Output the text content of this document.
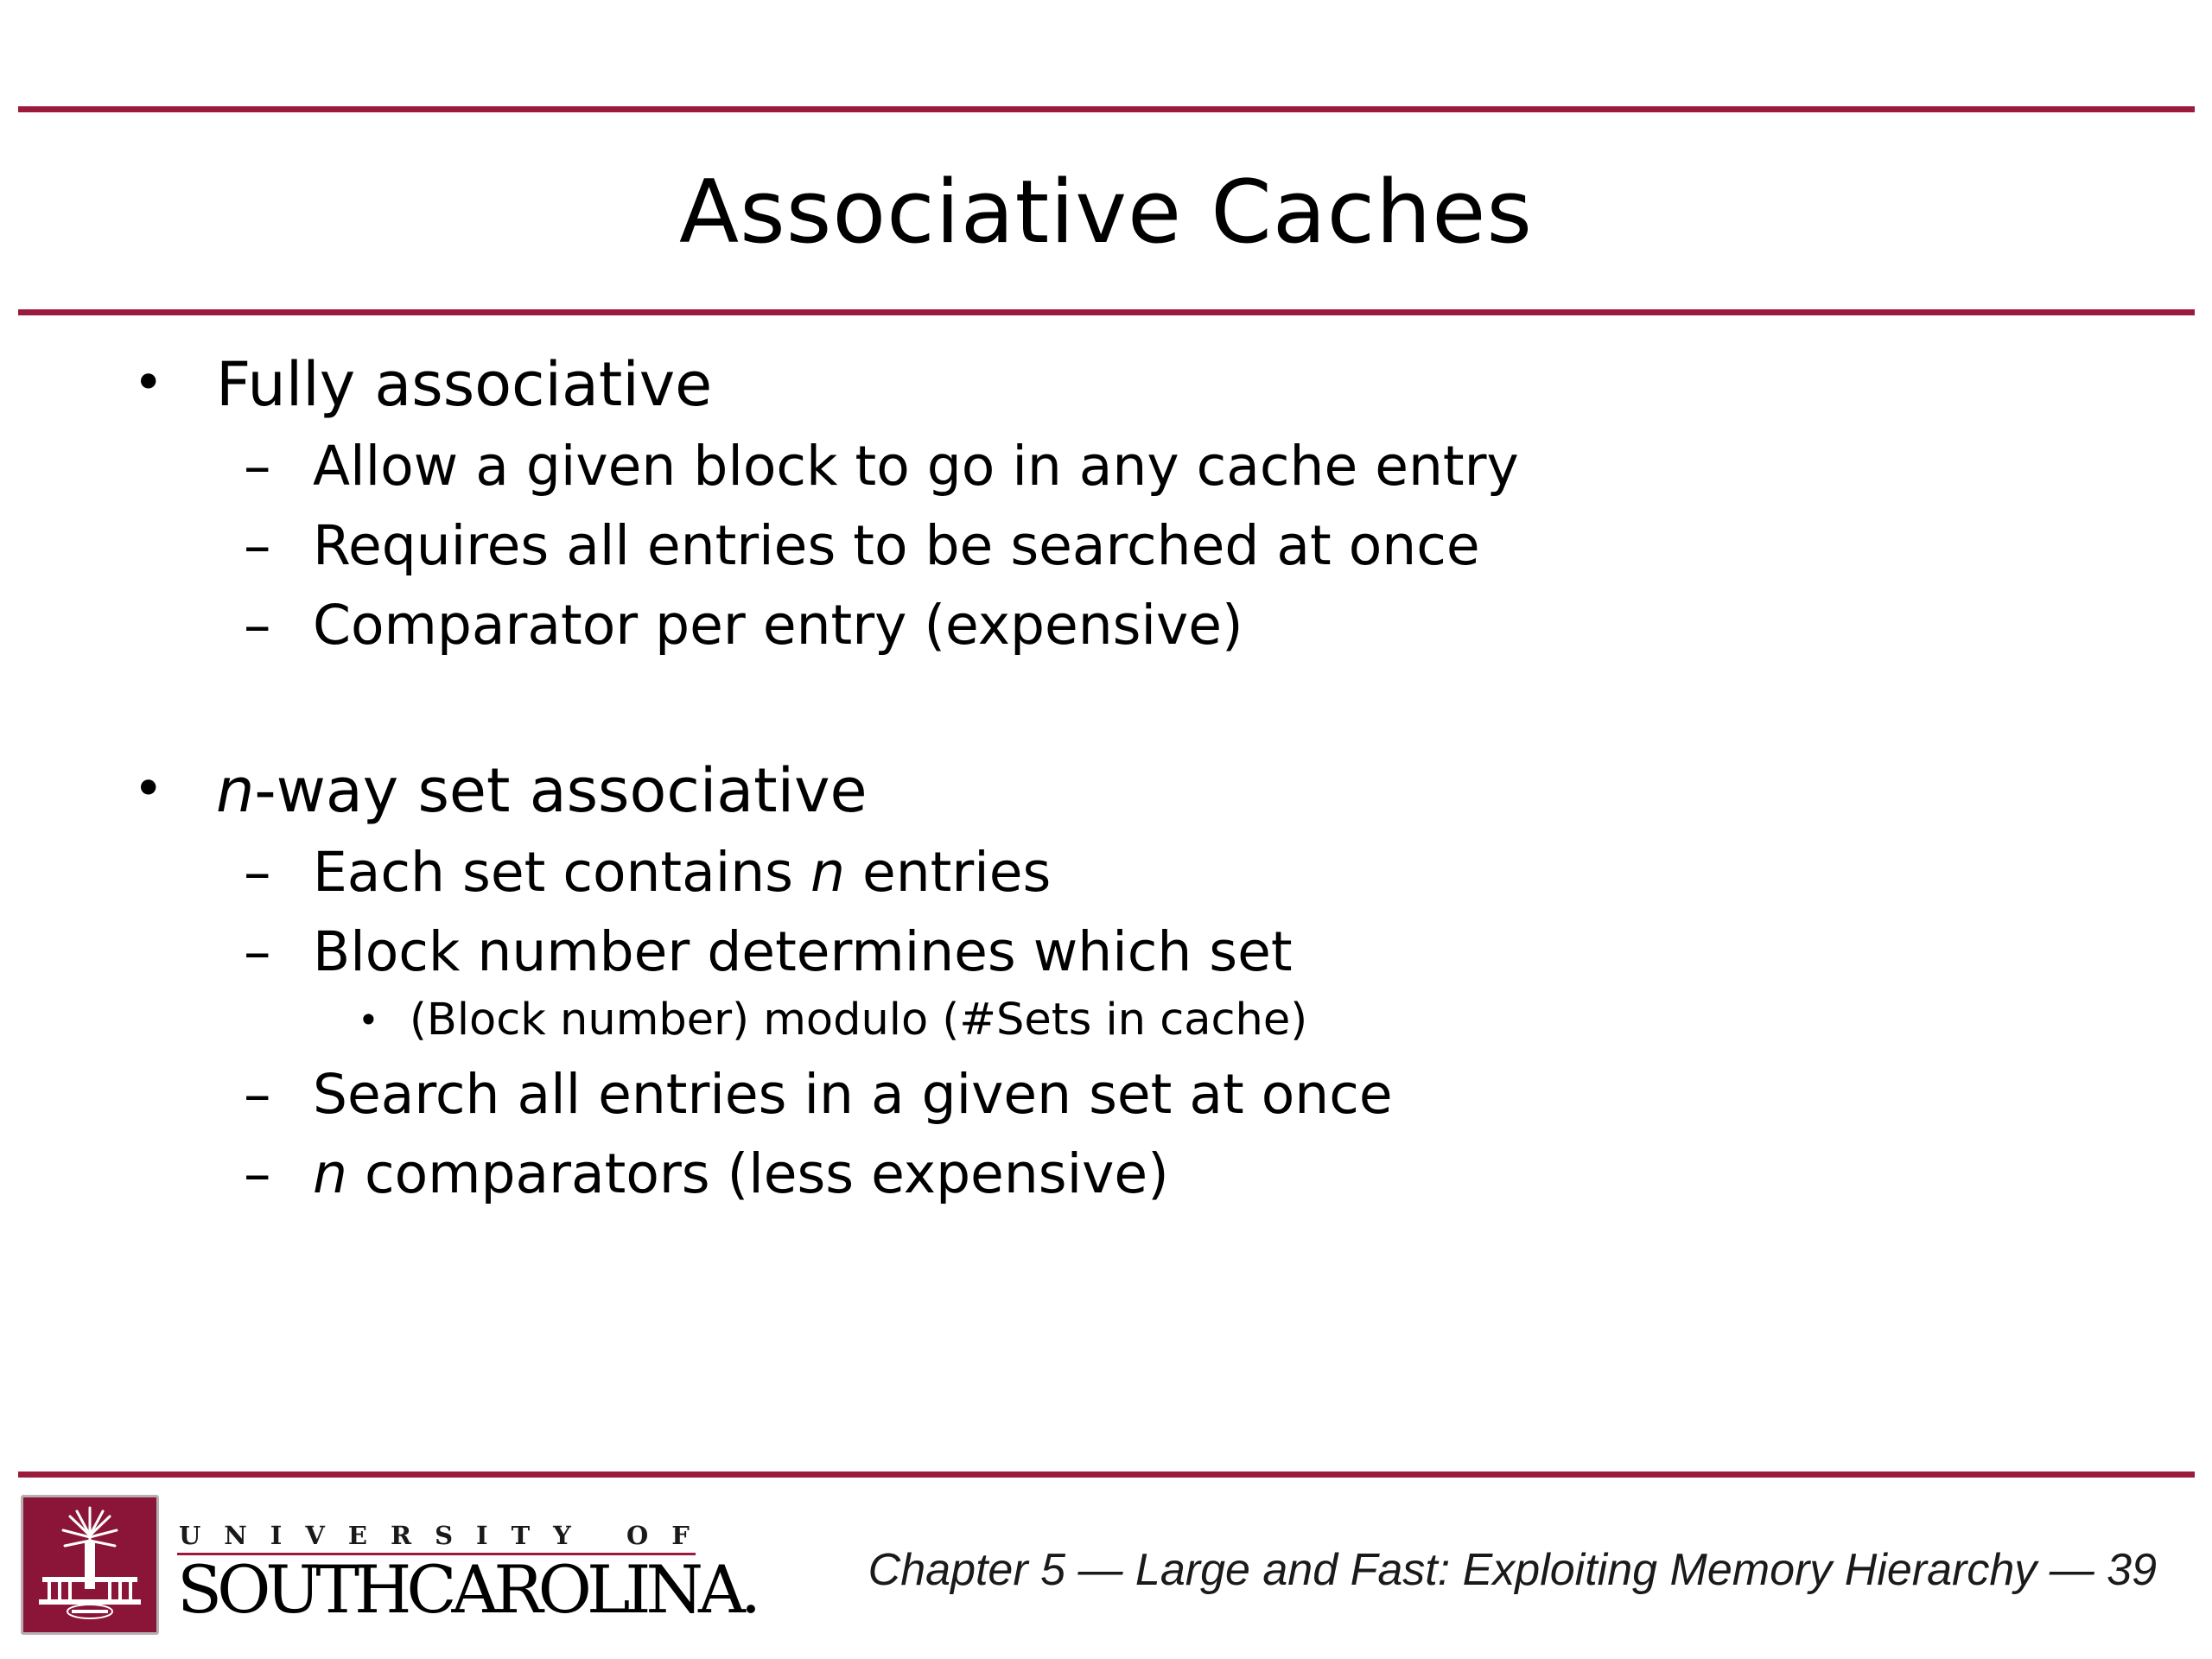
Associative Caches
• Fully associative
– Allow a given block to go in any cache entry
– Requires all entries to be searched at once
– Comparator per entry (expensive)
• n-way set associative
– Each set contains n entries
– Block number determines which set
• (Block number) modulo (#Sets in cache)
– Search all entries in a given set at once
– n comparators (less expensive)
UNIVERSITY OF
SOUTHCAROLINA. Chapter 5 — Large and Fast: Exploiting Memory Hierarchy — 39
